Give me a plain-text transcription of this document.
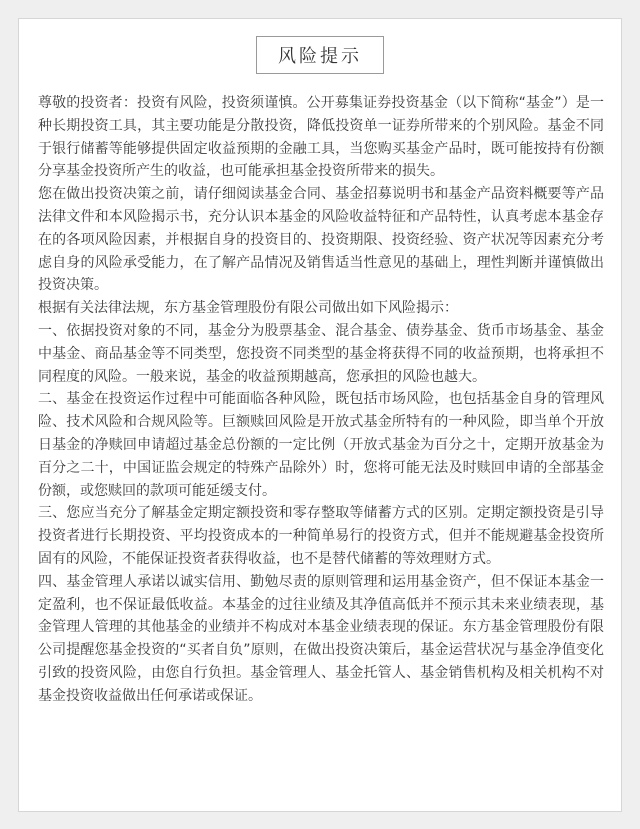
风险提示

尊敬的投资者：投资有风险，投资须谨慎。公开募集证券投资基金（以下简称“基金”）是一种长期投资工具，其主要功能是分散投资，降低投资单一证券所带来的个别风险。基金不同于银行储蓄等能够提供固定收益预期的金融工具，当您购买基金产品时，既可能按持有份额分享基金投资所产生的收益，也可能承担基金投资所带来的损失。

您在做出投资决策之前，请仔细阅读基金合同、基金招募说明书和基金产品资料概要等产品法律文件和本风险揭示书，充分认识本基金的风险收益特征和产品特性，认真考虑本基金存在的各项风险因素，并根据自身的投资目的、投资期限、投资经验、资产状况等因素充分考虑自身的风险承受能力，在了解产品情况及销售适当性意见的基础上，理性判断并谨慎做出投资决策。

根据有关法律法规，东方基金管理股份有限公司做出如下风险揭示：

一、依据投资对象的不同，基金分为股票基金、混合基金、债券基金、货币市场基金、基金中基金、商品基金等不同类型，您投资不同类型的基金将获得不同的收益预期，也将承担不同程度的风险。一般来说，基金的收益预期越高，您承担的风险也越大。

二、基金在投资运作过程中可能面临各种风险，既包括市场风险，也包括基金自身的管理风险、技术风险和合规风险等。巨额赎回风险是开放式基金所特有的一种风险，即当单个开放日基金的净赎回申请超过基金总份额的一定比例（开放式基金为百分之十，定期开放基金为百分之二十，中国证监会规定的特殊产品除外）时，您将可能无法及时赎回申请的全部基金份额，或您赎回的款项可能延缓支付。

三、您应当充分了解基金定期定额投资和零存整取等储蓄方式的区别。定期定额投资是引导投资者进行长期投资、平均投资成本的一种简单易行的投资方式，但并不能规避基金投资所固有的风险，不能保证投资者获得收益，也不是替代储蓄的等效理财方式。

四、基金管理人承诺以诚实信用、勤勉尽责的原则管理和运用基金资产，但不保证本基金一定盈利，也不保证最低收益。本基金的过往业绩及其净值高低并不预示其未来业绩表现，基金管理人管理的其他基金的业绩并不构成对本基金业绩表现的保证。东方基金管理股份有限公司提醒您基金投资的“买者自负”原则，在做出投资决策后，基金运营状况与基金净值变化引致的投资风险，由您自行负担。基金管理人、基金托管人、基金销售机构及相关机构不对基金投资收益做出任何承诺或保证。
